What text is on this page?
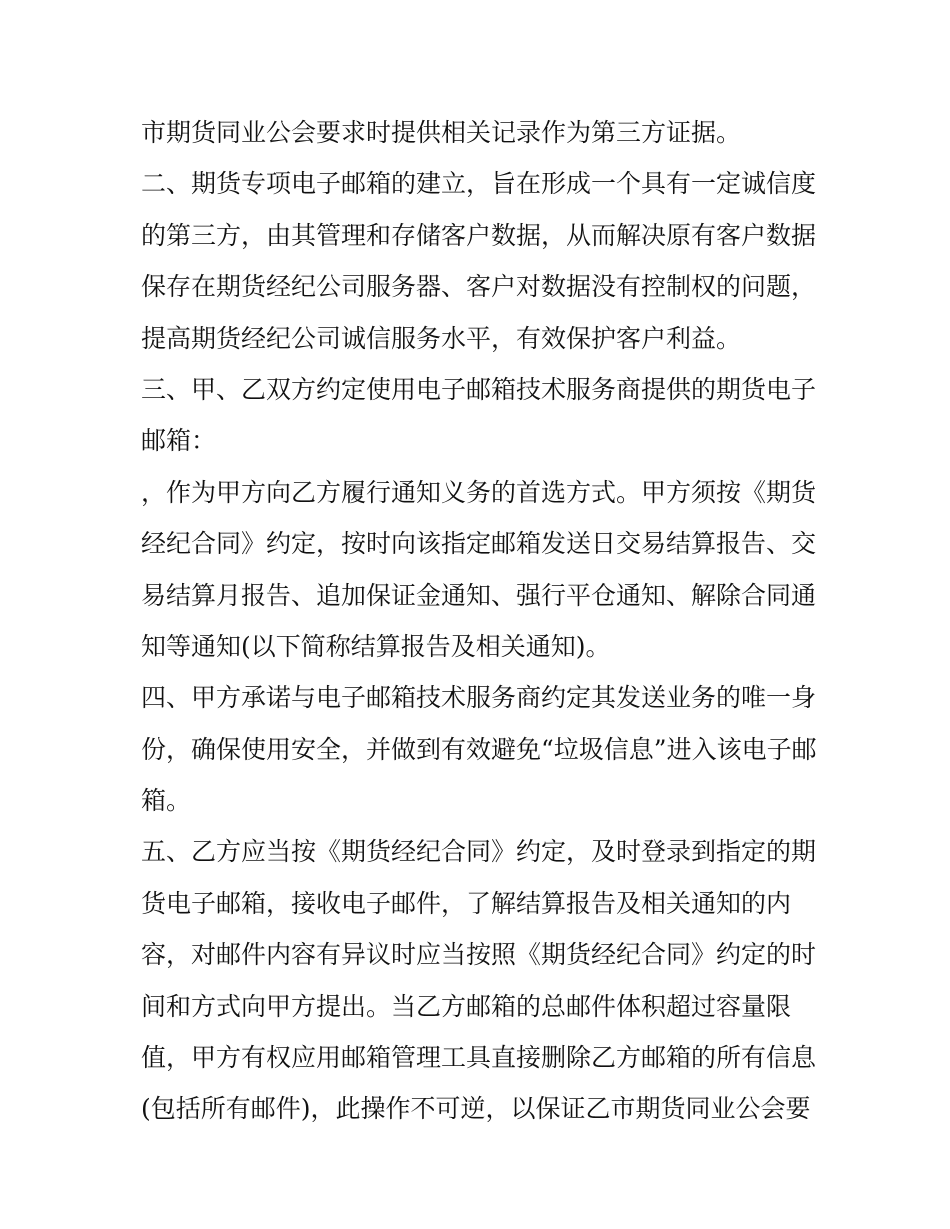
市期货同业公会要求时提供相关记录作为第三方证据。
二、期货专项电子邮箱的建立，旨在形成一个具有一定诚信度
的第三方，由其管理和存储客户数据，从而解决原有客户数据
保存在期货经纪公司服务器、客户对数据没有控制权的问题，
提高期货经纪公司诚信服务水平，有效保护客户利益。
三、甲、乙双方约定使用电子邮箱技术服务商提供的期货电子
邮箱：
，作为甲方向乙方履行通知义务的首选方式。甲方须按《期货
经纪合同》约定，按时向该指定邮箱发送日交易结算报告、交
易结算月报告、追加保证金通知、强行平仓通知、解除合同通
知等通知(以下简称结算报告及相关通知)。
四、甲方承诺与电子邮箱技术服务商约定其发送业务的唯一身
份，确保使用安全，并做到有效避免“垃圾信息”进入该电子邮
箱。
五、乙方应当按《期货经纪合同》约定，及时登录到指定的期
货电子邮箱，接收电子邮件，了解结算报告及相关通知的内
容，对邮件内容有异议时应当按照《期货经纪合同》约定的时
间和方式向甲方提出。当乙方邮箱的总邮件体积超过容量限
值，甲方有权应用邮箱管理工具直接删除乙方邮箱的所有信息
(包括所有邮件)，此操作不可逆，以保证乙市期货同业公会要
